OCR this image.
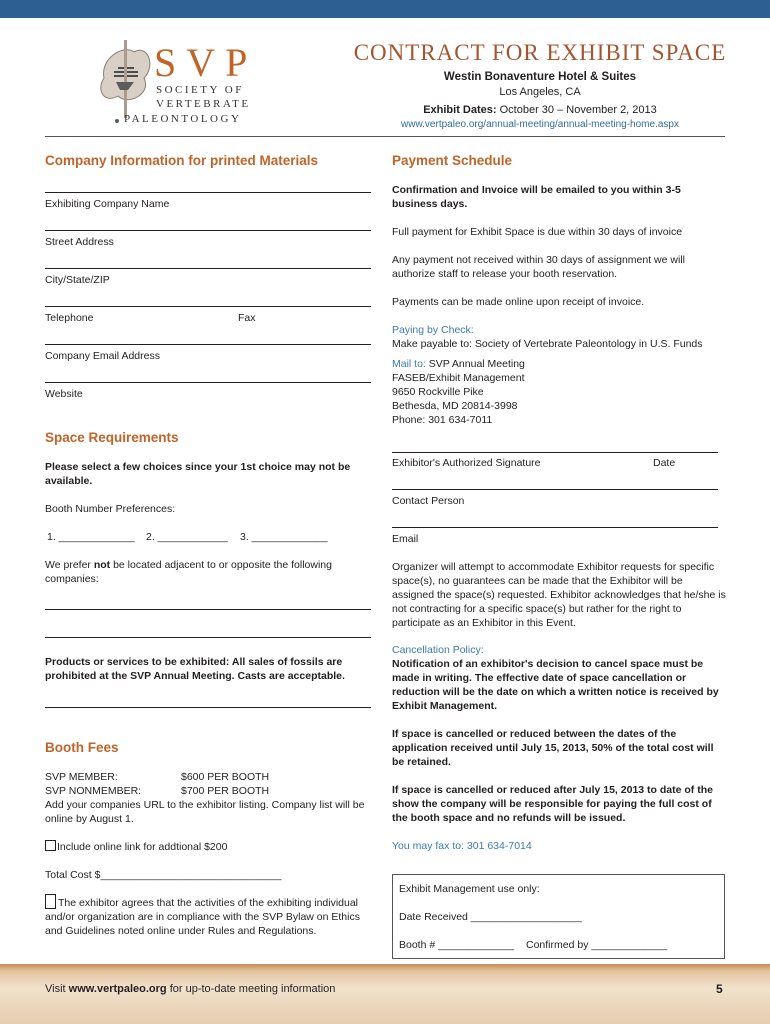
SVP
SOCIETY OF
VERTEBRATE
PALEONTOLOGY
CONTRACT FOR EXHIBIT SPACE
Westin Bonaventure Hotel & Suites
Los Angeles, CA
Exhibit Dates: October 30 – November 2, 2013
www.vertpaleo.org/annual-meeting/annual-meeting-home.aspx
Company Information for printed Materials
Exhibiting Company Name
Street Address
City/State/ZIP
Telephone	Fax
Company Email Address
Website
Space Requirements
Please select a few choices since your 1st choice may not be available.
Booth Number Preferences:
1. _____________ 2. ____________ 3. _____________
We prefer not be located adjacent to or opposite the following companies:
Products or services to be exhibited: All sales of fossils are prohibited at the SVP Annual Meeting. Casts are acceptable.
Booth Fees
SVP MEMBER:	$600 PER BOOTH
SVP NONMEMBER:	$700 PER BOOTH
Add your companies URL to the exhibitor listing. Company list will be online by August 1.
Include online link for addtional $200
Total Cost $_______________________________
The exhibitor agrees that the activities of the exhibiting individual and/or organization are in compliance with the SVP Bylaw on Ethics and Guidelines noted online under Rules and Regulations.
Payment Schedule
Confirmation and Invoice will be emailed to you within 3-5 business days.
Full payment for Exhibit Space is due within 30 days of invoice
Any payment not received within 30 days of assignment we will authorize staff to release your booth reservation.
Payments can be made online upon receipt of invoice.
Paying by Check:
Make payable to: Society of Vertebrate Paleontology in U.S. Funds
Mail to: SVP Annual Meeting
FASEB/Exhibit Management
9650 Rockville Pike
Bethesda, MD 20814-3998
Phone: 301 634-7011
Exhibitor's Authorized Signature	Date
Contact Person
Email
Organizer will attempt to accommodate Exhibitor requests for specific space(s), no guarantees can be made that the Exhibitor will be assigned the space(s) requested. Exhibitor acknowledges that he/she is not contracting for a specific space(s) but rather for the right to participate as an Exhibitor in this Event.
Cancellation Policy:
Notification of an exhibitor's decision to cancel space must be made in writing. The effective date of space cancellation or reduction will be the date on which a written notice is received by Exhibit Management.
If space is cancelled or reduced between the dates of the application received until July 15, 2013, 50% of the total cost will be retained.
If space is cancelled or reduced after July 15, 2013 to date of the show the company will be responsible for paying the full cost of the booth space and no refunds will be issued.
You may fax to: 301 634-7014
Exhibit Management use only:
Date Received ___________________
Booth # _____________ Confirmed by _____________
Visit www.vertpaleo.org for up-to-date meeting information	5
